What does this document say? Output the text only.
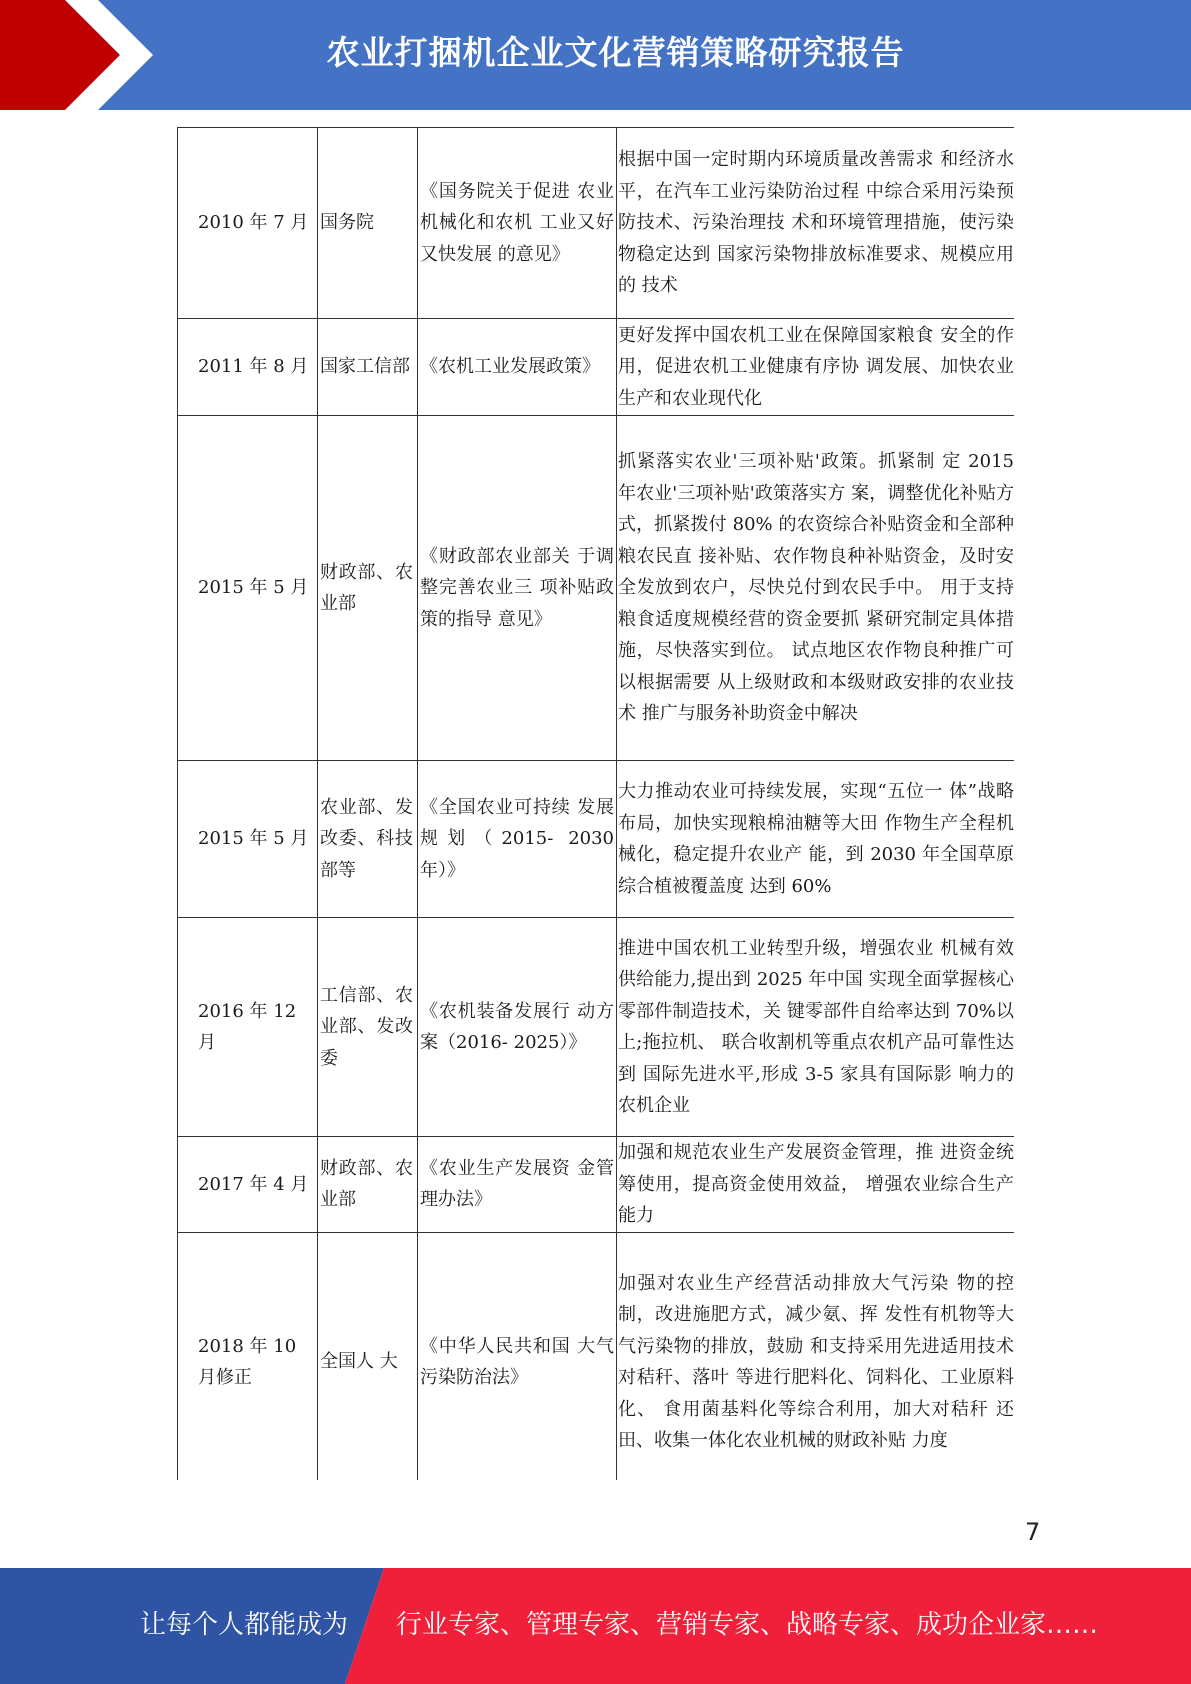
农业打捆机企业文化营销策略研究报告
2010 年 7 月	国务院	《国务院关于促进 农业机械化和农机 工业又好又快发展 的意见》	根据中国一定时期内环境质量改善需求 和经济水平，在汽车工业污染防治过程 中综合采用污染预防技术、污染治理技 术和环境管理措施，使污染物稳定达到 国家污染物排放标准要求、规模应用的 技术
2011 年 8 月	国家工信部	《农机工业发展政策》	更好发挥中国农机工业在保障国家粮食 安全的作用，促进农机工业健康有序协 调发展、加快农业生产和农业现代化
2015 年 5 月	财政部、农业部	《财政部农业部关 于调整完善农业三 项补贴政策的指导 意见》	抓紧落实农业'三项补贴'政策。抓紧制 定 2015 年农业'三项补贴'政策落实方 案，调整优化补贴方式，抓紧拨付 80% 的农资综合补贴资金和全部种粮农民直 接补贴、农作物良种补贴资金，及时安 全发放到农户，尽快兑付到农民手中。 用于支持粮食适度规模经营的资金要抓 紧研究制定具体措施，尽快落实到位。 试点地区农作物良种推广可以根据需要 从上级财政和本级财政安排的农业技术 推广与服务补助资金中解决
2015 年 5 月	农业部、发改委、科技部等	《全国农业可持续 发展规划（2015- 2030 年）》	大力推动农业可持续发展，实现“五位一 体”战略布局，加快实现粮棉油糖等大田 作物生产全程机械化，稳定提升农业产 能，到 2030 年全国草原综合植被覆盖度 达到 60%
2016 年 12 月	工信部、农业部、发改委	《农机装备发展行 动方案（2016- 2025）》	推进中国农机工业转型升级，增强农业 机械有效供给能力,提出到 2025 年中国 实现全面掌握核心零部件制造技术，关 键零部件自给率达到 70%以上;拖拉机、 联合收割机等重点农机产品可靠性达到 国际先进水平,形成 3-5 家具有国际影 响力的农机企业
2017 年 4 月	财政部、农业部	《农业生产发展资 金管理办法》	加强和规范农业生产发展资金管理，推 进资金统筹使用，提高资金使用效益， 增强农业综合生产能力
2018 年 10 月修正	全国人 大	《中华人民共和国 大气污染防治法》	加强对农业生产经营活动排放大气污染 物的控制，改进施肥方式，减少氨、挥 发性有机物等大气污染物的排放，鼓励 和支持采用先进适用技术对秸秆、落叶 等进行肥料化、饲料化、工业原料化、 食用菌基料化等综合利用，加大对秸秆 还田、收集一体化农业机械的财政补贴 力度
7
让每个人都能成为 行业专家、管理专家、营销专家、战略专家、成功企业家……
